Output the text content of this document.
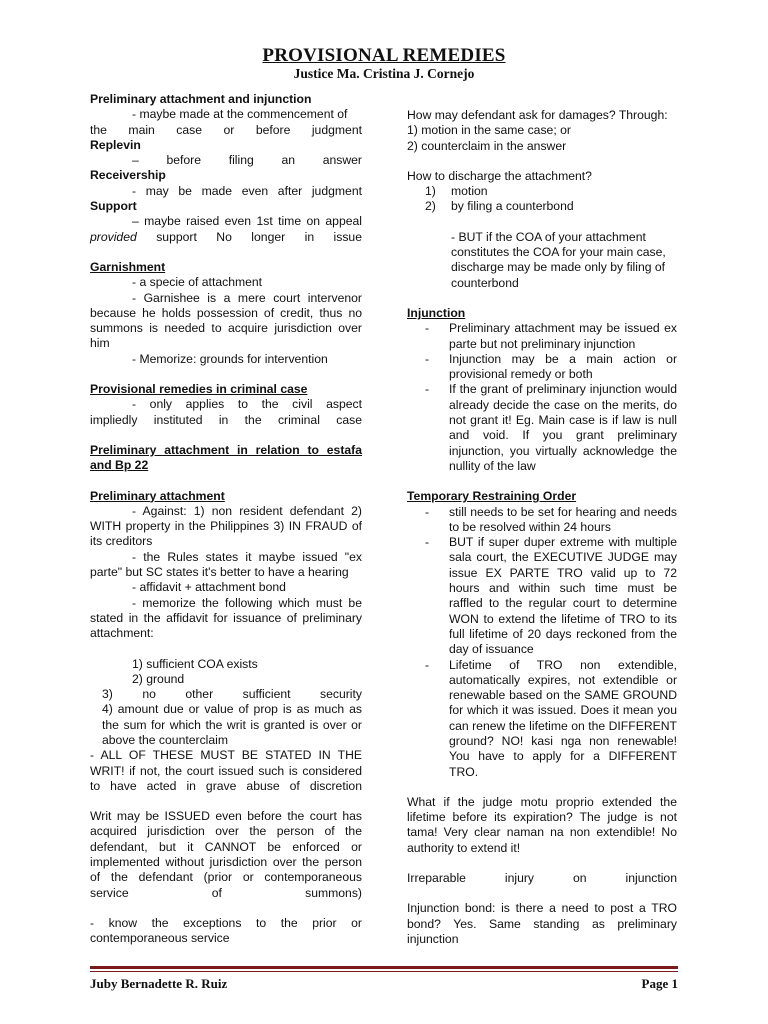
PROVISIONAL REMEDIES
Justice Ma. Cristina J. Cornejo

Preliminary attachment and injunction

- maybe made at the commencement of

the main case or before judgment

Replevin

– before filing an answer

Receivership

- may be made even after judgment

Support

– maybe raised even 1st time on appeal

provided support No longer in issue

Garnishment

- a specie of attachment

- Garnishee is a mere court intervenor because he holds possession of credit, thus no summons is needed to acquire jurisdiction over him

- Memorize: grounds for intervention

Provisional remedies in criminal case

- only applies to the civil aspect

impliedly instituted in the criminal case

Preliminary attachment in relation to estafa and Bp 22

Preliminary attachment

- Against: 1) non resident defendant 2) WITH property in the Philippines 3) IN FRAUD of its creditors

- the Rules states it maybe issued "ex parte" but SC states it's better to have a hearing

- affidavit + attachment bond

- memorize the following which must be stated in the affidavit for issuance of preliminary attachment:

1) sufficient COA exists

2) ground

3) no other sufficient security

4) amount due or value of prop is as much as the sum for which the writ is granted is over or above the counterclaim

- ALL OF THESE MUST BE STATED IN THE WRIT! if not, the court issued such is considered to have acted in grave abuse of discretion

Writ may be ISSUED even before the court has acquired jurisdiction over the person of the defendant, but it CANNOT be enforced or implemented without jurisdiction over the person of the defendant (prior or contemporaneous service of summons)

- know the exceptions to the prior or contemporaneous service

How may defendant ask for damages? Through:

1) motion in the same case; or

2) counterclaim in the answer

How to discharge the attachment?

1)	motion
2)	by filing a counterbond

- BUT if the COA of your attachment constitutes the COA for your main case, discharge may be made only by filing of counterbond

Injunction

-	Preliminary attachment may be issued ex parte but not preliminary injunction
-	Injunction may be a main action or provisional remedy or both
-	If the grant of preliminary injunction would already decide the case on the merits, do not grant it! Eg. Main case is if law is null and void. If you grant preliminary injunction, you virtually acknowledge the nullity of the law

Temporary Restraining Order

-	still needs to be set for hearing and needs to be resolved within 24 hours
-	BUT if super duper extreme with multiple sala court, the EXECUTIVE JUDGE may issue EX PARTE TRO valid up to 72 hours and within such time must be raffled to the regular court to determine WON to extend the lifetime of TRO to its full lifetime of 20 days reckoned from the day of issuance
-	Lifetime of TRO non extendible, automatically expires, not extendible or renewable based on the SAME GROUND for which it was issued. Does it mean you can renew the lifetime on the DIFFERENT ground? NO! kasi nga non renewable! You have to apply for a DIFFERENT TRO.

What if the judge motu proprio extended the lifetime before its expiration? The judge is not tama! Very clear naman na non extendible! No authority to extend it!

Irreparable injury on injunction

Injunction bond: is there a need to post a TRO bond? Yes. Same standing as preliminary injunction

Juby Bernadette R. Ruiz	Page 1
